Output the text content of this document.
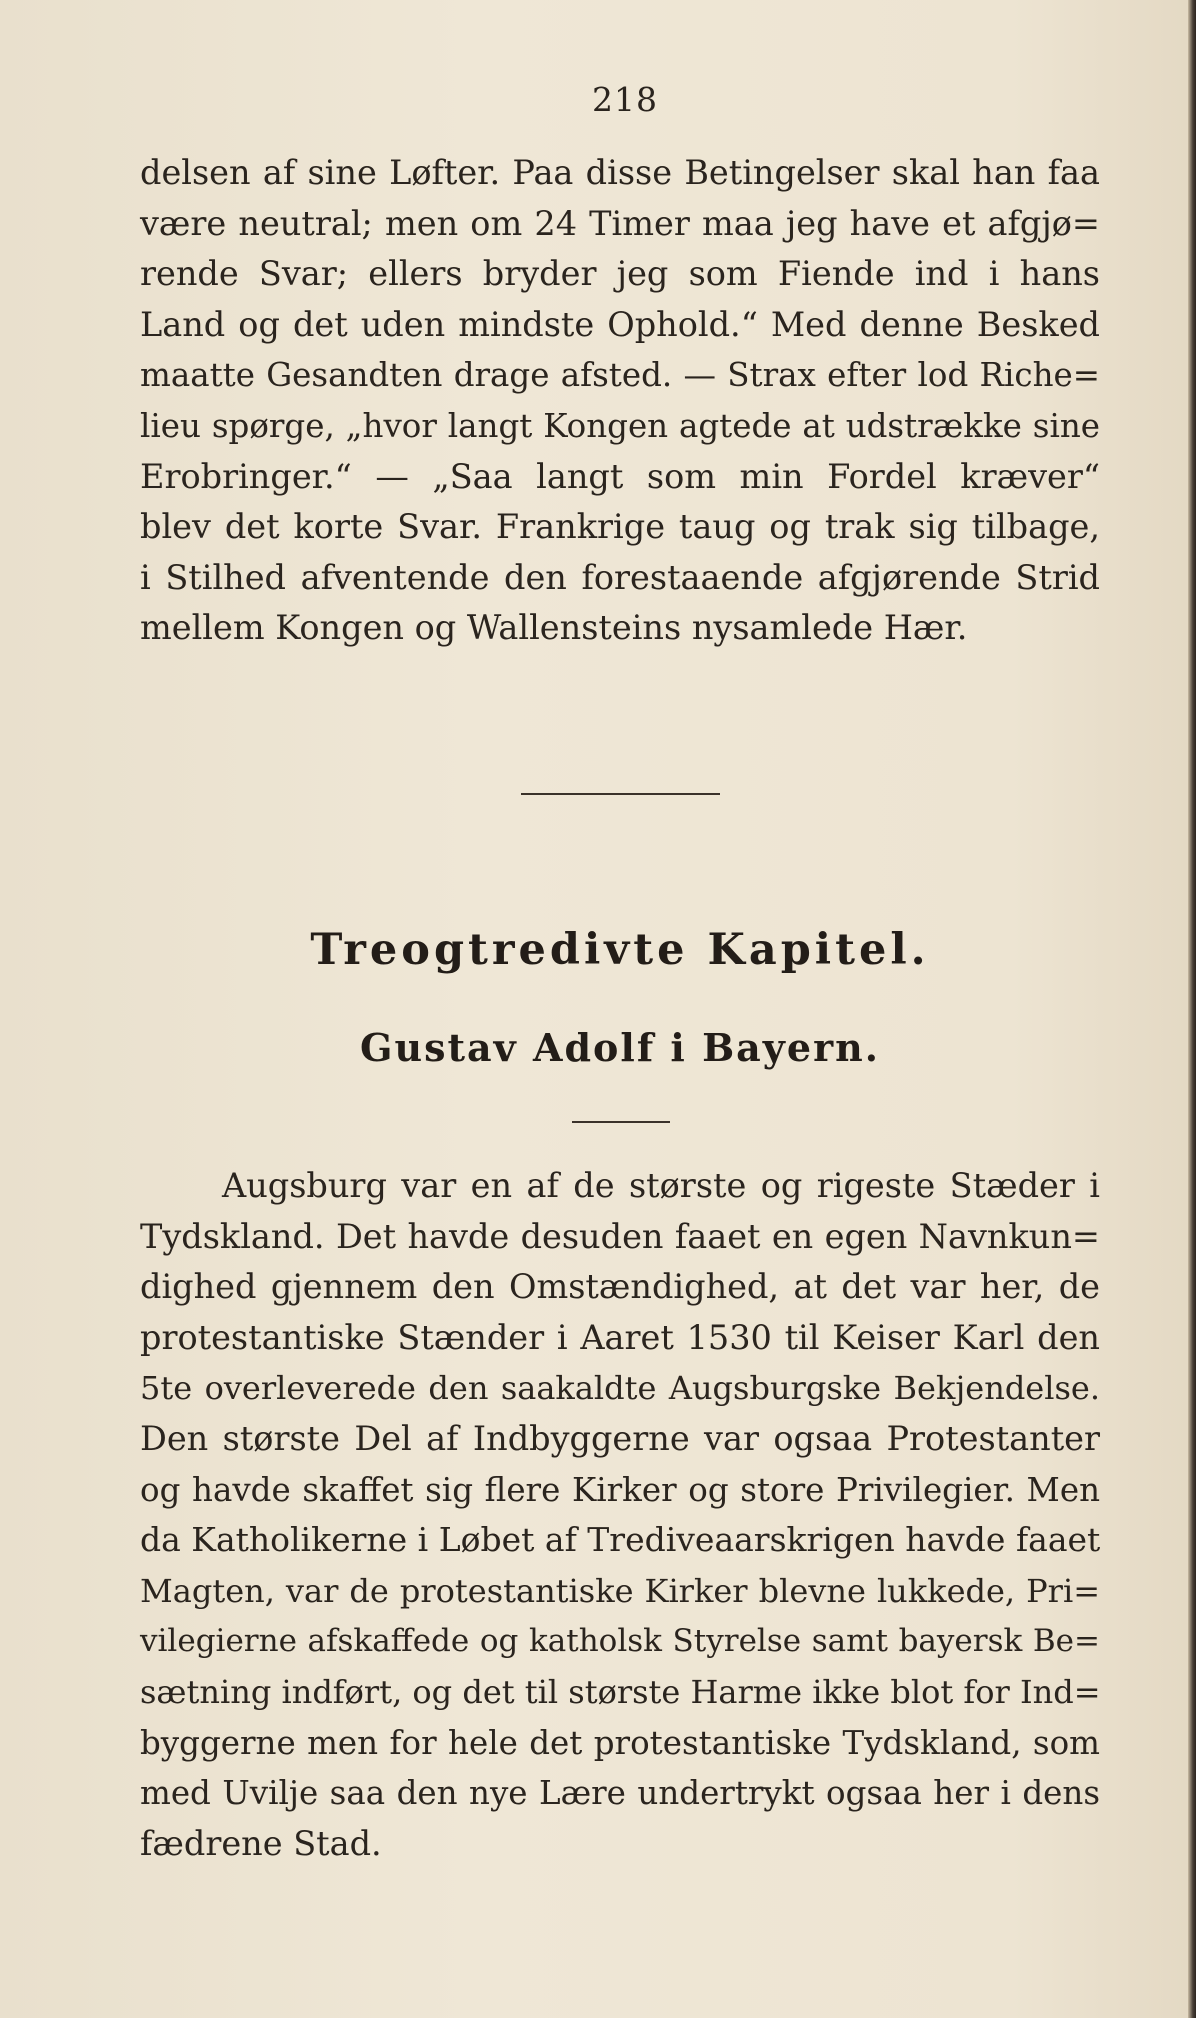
218
delsen af sine Løfter. Paa disse Betingelser skal han faa
være neutral; men om 24 Timer maa jeg have et afgjø=
rende Svar; ellers bryder jeg som Fiende ind i hans
Land og det uden mindste Ophold.“ Med denne Besked
maatte Gesandten drage afsted. — Strax efter lod Riche=
lieu spørge, „hvor langt Kongen agtede at udstrække sine
Erobringer.“ — „Saa langt som min Fordel kræver“
blev det korte Svar. Frankrige taug og trak sig tilbage,
i Stilhed afventende den forestaaende afgjørende Strid
mellem Kongen og Wallensteins nysamlede Hær.
Treogtredivte Kapitel.
Gustav Adolf i Bayern.
Augsburg var en af de største og rigeste Stæder i
Tydskland. Det havde desuden faaet en egen Navnkun=
dighed gjennem den Omstændighed, at det var her, de
protestantiske Stænder i Aaret 1530 til Keiser Karl den
5te overleverede den saakaldte Augsburgske Bekjendelse.
Den største Del af Indbyggerne var ogsaa Protestanter
og havde skaffet sig flere Kirker og store Privilegier. Men
da Katholikerne i Løbet af Trediveaarskrigen havde faaet
Magten, var de protestantiske Kirker blevne lukkede, Pri=
vilegierne afskaffede og katholsk Styrelse samt bayersk Be=
sætning indført, og det til største Harme ikke blot for Ind=
byggerne men for hele det protestantiske Tydskland, som
med Uvilje saa den nye Lære undertrykt ogsaa her i dens
fædrene Stad.
